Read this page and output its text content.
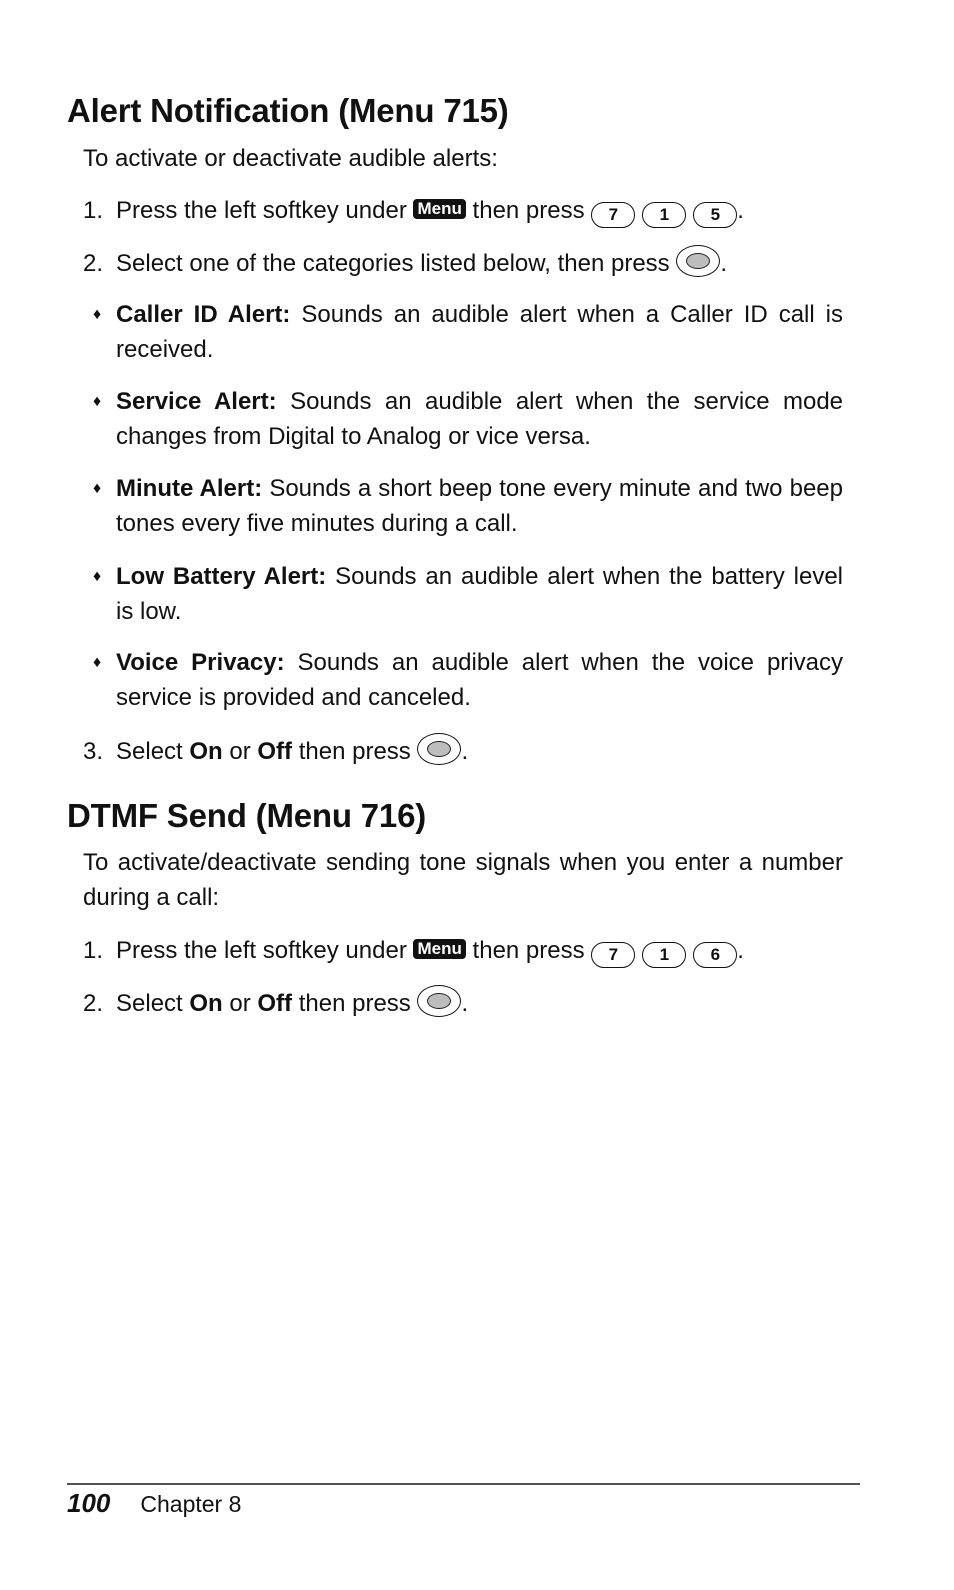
Alert Notification (Menu 715)

To activate or deactivate audible alerts:

1. Press the left softkey under Menu then press 7 1 5 .
2. Select one of the categories listed below, then press .
♦ Caller ID Alert: Sounds an audible alert when a Caller ID call is received.
♦ Service Alert: Sounds an audible alert when the service mode changes from Digital to Analog or vice versa.
♦ Minute Alert: Sounds a short beep tone every minute and two beep tones every five minutes during a call.
♦ Low Battery Alert: Sounds an audible alert when the battery level is low.
♦ Voice Privacy: Sounds an audible alert when the voice privacy service is provided and canceled.
3. Select On or Off then press .
DTMF Send (Menu 716)

To activate/deactivate sending tone signals when you enter a number during a call:

1. Press the left softkey under Menu then press 7 1 6 .
2. Select On or Off then press .
100 Chapter 8
